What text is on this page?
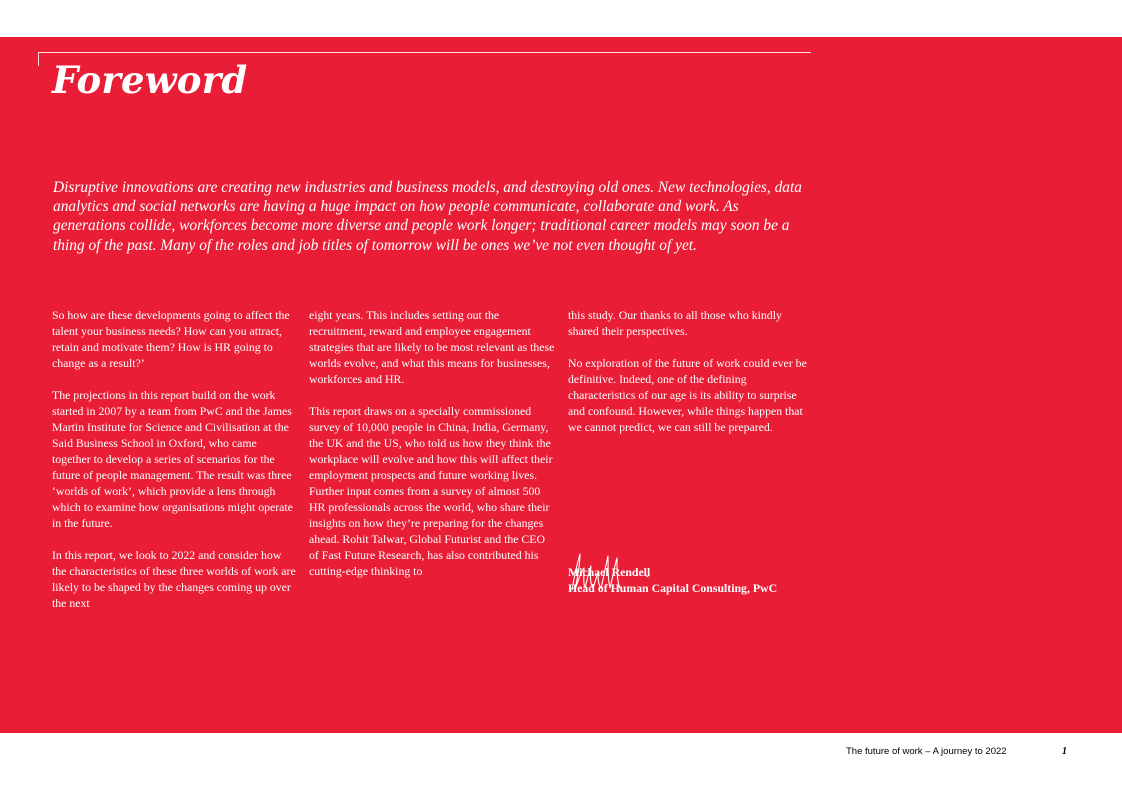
Foreword

Disruptive innovations are creating new industries and business models, and destroying old ones. New technologies, data analytics and social networks are having a huge impact on how people communicate, collaborate and work. As generations collide, workforces become more diverse and people work longer; traditional career models may soon be a thing of the past. Many of the roles and job titles of tomorrow will be ones we’ve not even thought of yet.

So how are these developments going to affect the talent your business needs? How can you attract, retain and motivate them? How is HR going to change as a result?’

The projections in this report build on the work started in 2007 by a team from PwC and the James Martin Institute for Science and Civilisation at the Said Business School in Oxford, who came together to develop a series of scenarios for the future of people management. The result was three ‘worlds of work’, which provide a lens through which to examine how organisations might operate in the future.

In this report, we look to 2022 and consider how the characteristics of these three worlds of work are likely to be shaped by the changes coming up over the next

eight years. This includes setting out the recruitment, reward and employee engagement strategies that are likely to be most relevant as these worlds evolve, and what this means for businesses, workforces and HR.

This report draws on a specially commissioned survey of 10,000 people in China, India, Germany, the UK and the US, who told us how they think the workplace will evolve and how this will affect their employment prospects and future working lives. Further input comes from a survey of almost 500 HR professionals across the world, who share their insights on how they’re preparing for the changes ahead. Rohit Talwar, Global Futurist and the CEO of Fast Future Research, has also contributed his cutting-edge thinking to

this study. Our thanks to all those who kindly shared their perspectives.

No exploration of the future of work could ever be definitive. Indeed, one of the defining characteristics of our age is its ability to surprise and confound. However, while things happen that we cannot predict, we can still be prepared.

Michael Rendell

Head of Human Capital Consulting, PwC

The future of work – A journey to 2022	1
